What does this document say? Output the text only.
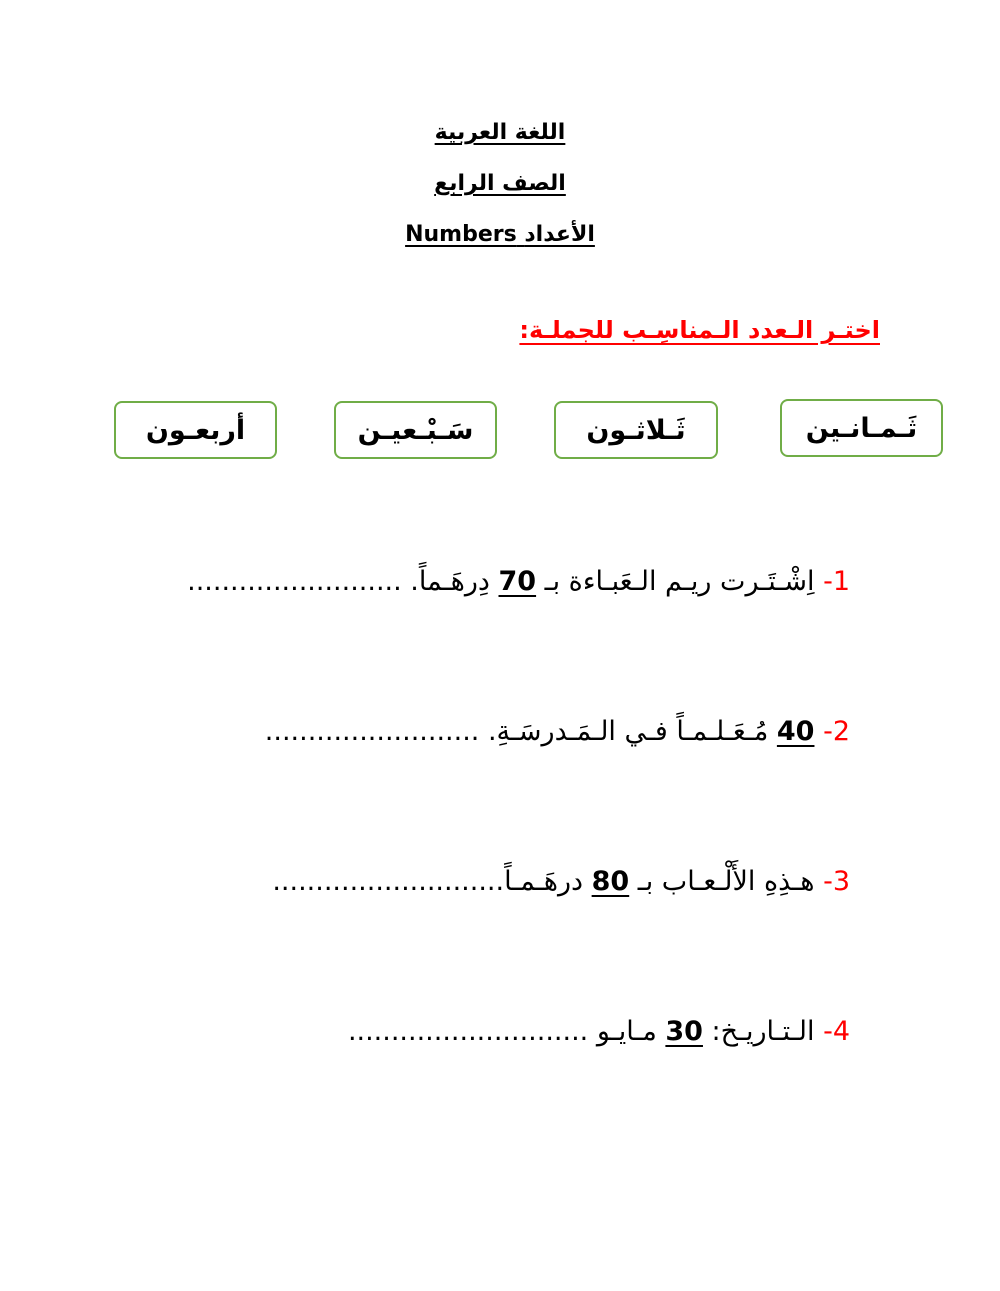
اللغة العربية
الصف الرابع
الأعداد Numbers
اختـر الـعدد الـمناسِـب للجملـة:
ثَـمـانـين
ثَـلاثـون
سَـبْـعيـن
أربعـون
1- اِشْـتَـرت ريـم الـعَبـاءة بـ 70 دِرهَـماً. .........................
2- 40 مُـعَـلـمـاً فـي الـمَـدرسَـةِ. .........................
3- هـذِهِ الأَلْـعـاب بـ 80 درهَـمـاً...........................
4- الـتـاريـخ: 30 مـايـو ............................
